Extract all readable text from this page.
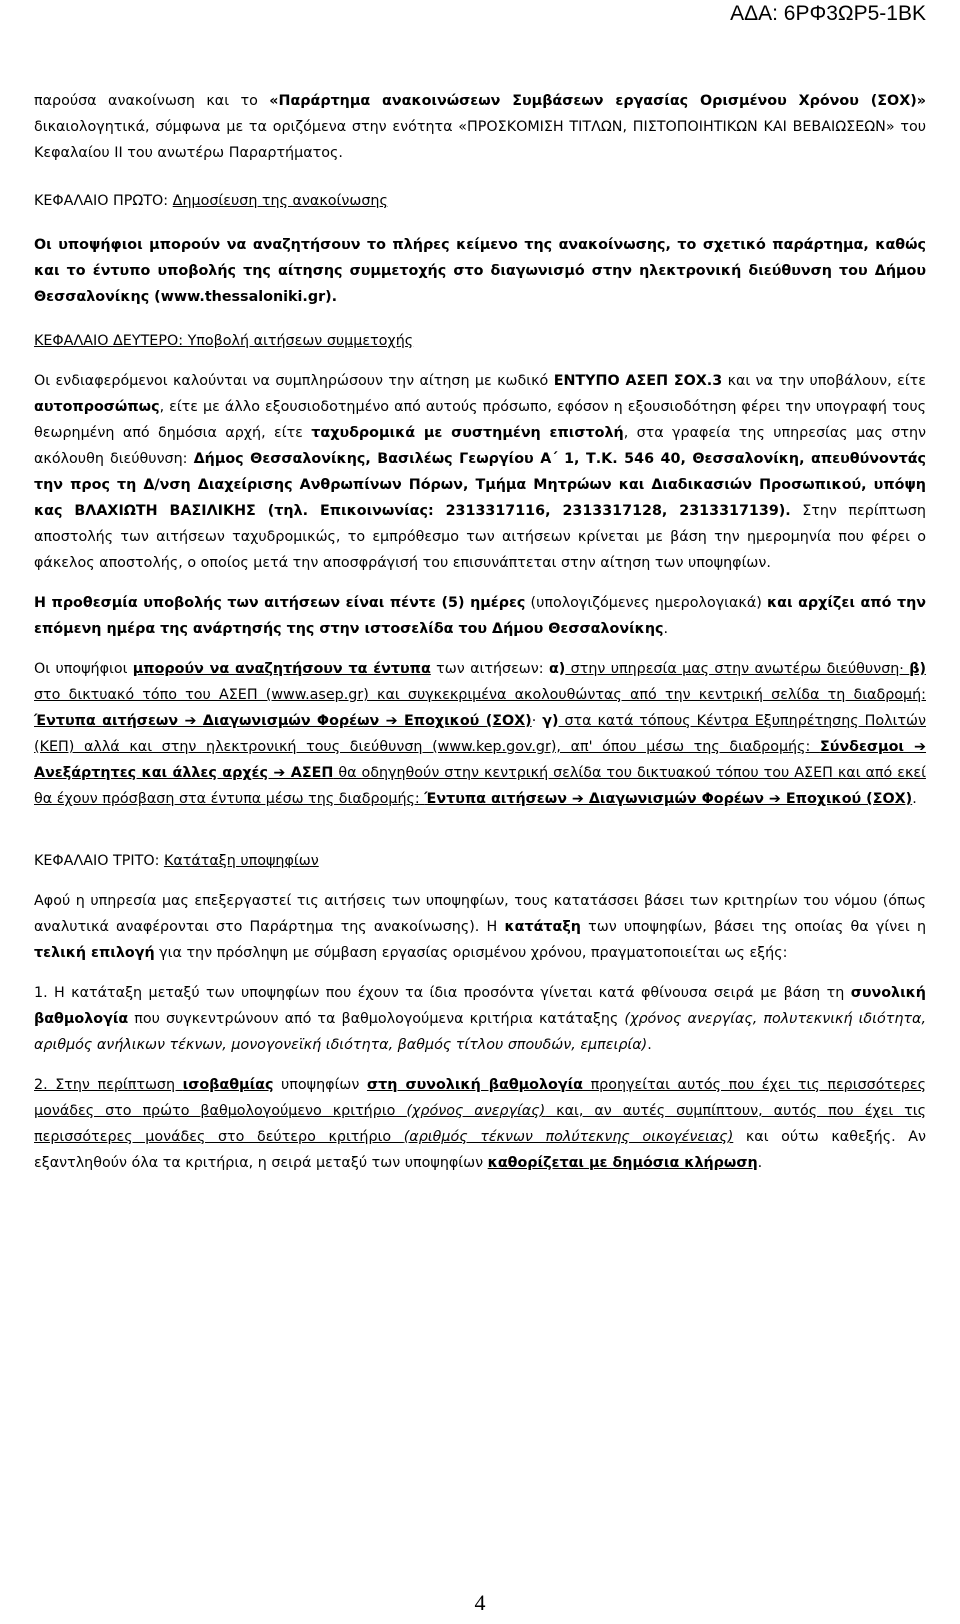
ΑΔΑ: 6ΡΦ3ΩΡ5-1ΒΚ

παρούσα ανακοίνωση και το «Παράρτημα ανακοινώσεων Συμβάσεων εργασίας Ορισμένου Χρόνου (ΣΟΧ)» δικαιολογητικά, σύμφωνα με τα οριζόμενα στην ενότητα «ΠΡΟΣΚΟΜΙΣΗ ΤΙΤΛΩΝ, ΠΙΣΤΟΠΟΙΗΤΙΚΩΝ ΚΑΙ ΒΕΒΑΙΩΣΕΩΝ» του Κεφαλαίου ΙΙ του ανωτέρω Παραρτήματος.

ΚΕΦΑΛΑΙΟ ΠΡΩΤΟ: Δημοσίευση της ανακοίνωσης

Οι υποψήφιοι μπορούν να αναζητήσουν το πλήρες κείμενο της ανακοίνωσης, το σχετικό παράρτημα, καθώς και το έντυπο υποβολής της αίτησης συμμετοχής στο διαγωνισμό στην ηλεκτρονική διεύθυνση του Δήμου Θεσσαλονίκης (www.thessaloniki.gr).

ΚΕΦΑΛΑΙΟ ΔΕΥΤΕΡΟ: Υποβολή αιτήσεων συμμετοχής

Οι ενδιαφερόμενοι καλούνται να συμπληρώσουν την αίτηση με κωδικό ΕΝΤΥΠΟ ΑΣΕΠ ΣΟΧ.3 και να την υποβάλουν, είτε αυτοπροσώπως, είτε με άλλο εξουσιοδοτημένο από αυτούς πρόσωπο, εφόσον η εξουσιοδότηση φέρει την υπογραφή τους θεωρημένη από δημόσια αρχή, είτε ταχυδρομικά με συστημένη επιστολή, στα γραφεία της υπηρεσίας μας στην ακόλουθη διεύθυνση: Δήμος Θεσσαλονίκης, Βασιλέως Γεωργίου Α΄ 1, Τ.Κ. 546 40, Θεσσαλονίκη, απευθύνοντάς την προς τη Δ/νση Διαχείρισης Ανθρωπίνων Πόρων, Τμήμα Μητρώων και Διαδικασιών Προσωπικού, υπόψη κας ΒΛΑΧΙΩΤΗ ΒΑΣΙΛΙΚΗΣ (τηλ. Επικοινωνίας: 2313317116, 2313317128, 2313317139). Στην περίπτωση αποστολής των αιτήσεων ταχυδρομικώς, το εμπρόθεσμο των αιτήσεων κρίνεται με βάση την ημερομηνία που φέρει ο φάκελος αποστολής, ο οποίος μετά την αποσφράγισή του επισυνάπτεται στην αίτηση των υποψηφίων.

Η προθεσμία υποβολής των αιτήσεων είναι πέντε (5) ημέρες (υπολογιζόμενες ημερολογιακά) και αρχίζει από την επόμενη ημέρα της ανάρτησής της στην ιστοσελίδα του Δήμου Θεσσαλονίκης.

Οι υποψήφιοι μπορούν να αναζητήσουν τα έντυπα των αιτήσεων: α) στην υπηρεσία μας στην ανωτέρω διεύθυνση· β) στο δικτυακό τόπο του ΑΣΕΠ (www.asep.gr) και συγκεκριμένα ακολουθώντας από την κεντρική σελίδα τη διαδρομή: Έντυπα αιτήσεων ➔ Διαγωνισμών Φορέων ➔ Εποχικού (ΣΟΧ)· γ) στα κατά τόπους Κέντρα Εξυπηρέτησης Πολιτών (ΚΕΠ) αλλά και στην ηλεκτρονική τους διεύθυνση (www.kep.gov.gr), απ' όπου μέσω της διαδρομής: Σύνδεσμοι ➔ Ανεξάρτητες και άλλες αρχές ➔ ΑΣΕΠ θα οδηγηθούν στην κεντρική σελίδα του δικτυακού τόπου του ΑΣΕΠ και από εκεί θα έχουν πρόσβαση στα έντυπα μέσω της διαδρομής: Έντυπα αιτήσεων ➔ Διαγωνισμών Φορέων ➔ Εποχικού (ΣΟΧ).

ΚΕΦΑΛΑΙΟ ΤΡΙΤΟ: Κατάταξη υποψηφίων

Αφού η υπηρεσία μας επεξεργαστεί τις αιτήσεις των υποψηφίων, τους κατατάσσει βάσει των κριτηρίων του νόμου (όπως αναλυτικά αναφέρονται στο Παράρτημα της ανακοίνωσης). Η κατάταξη των υποψηφίων, βάσει της οποίας θα γίνει η τελική επιλογή για την πρόσληψη με σύμβαση εργασίας ορισμένου χρόνου, πραγματοποιείται ως εξής:

1. Η κατάταξη μεταξύ των υποψηφίων που έχουν τα ίδια προσόντα γίνεται κατά φθίνουσα σειρά με βάση τη συνολική βαθμολογία που συγκεντρώνουν από τα βαθμολογούμενα κριτήρια κατάταξης (χρόνος ανεργίας, πολυτεκνική ιδιότητα, αριθμός ανήλικων τέκνων, μονογονεϊκή ιδιότητα, βαθμός τίτλου σπουδών, εμπειρία).

2. Στην περίπτωση ισοβαθμίας υποψηφίων στη συνολική βαθμολογία προηγείται αυτός που έχει τις περισσότερες μονάδες στο πρώτο βαθμολογούμενο κριτήριο (χρόνος ανεργίας) και, αν αυτές συμπίπτουν, αυτός που έχει τις περισσότερες μονάδες στο δεύτερο κριτήριο (αριθμός τέκνων πολύτεκνης οικογένειας) και ούτω καθεξής. Αν εξαντληθούν όλα τα κριτήρια, η σειρά μεταξύ των υποψηφίων καθορίζεται με δημόσια κλήρωση.

4
